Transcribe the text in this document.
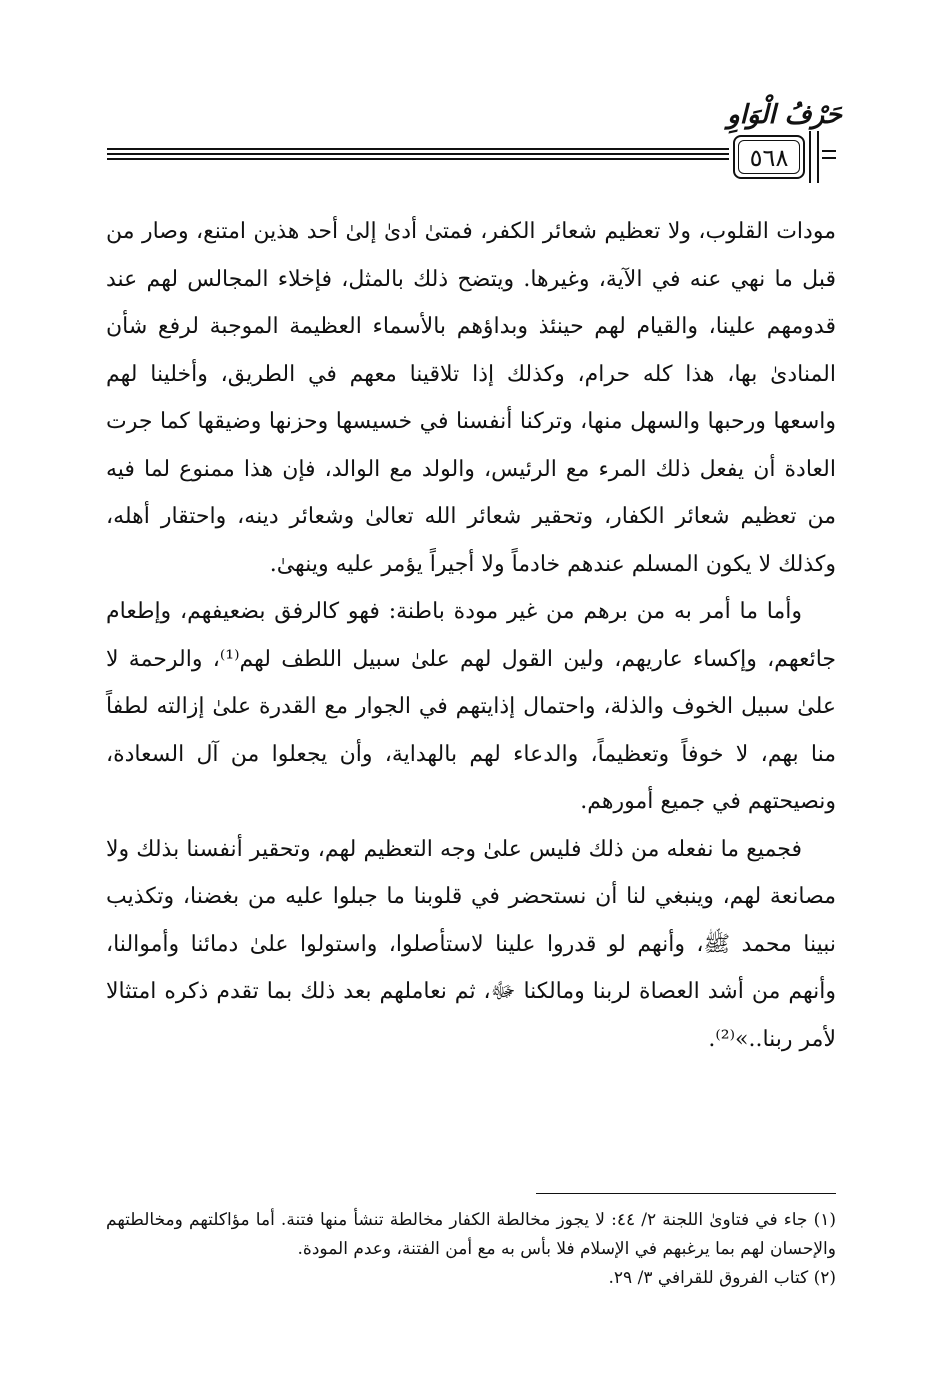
حَرْفُ الْوَاوِ
٥٦٨

مودات القلوب، ولا تعظيم شعائر الكفر، فمتىٰ أدىٰ إلىٰ أحد هذين امتنع، وصار من قبل ما نهي عنه في الآية، وغيرها. ويتضح ذلك بالمثل، فإخلاء المجالس لهم عند قدومهم علينا، والقيام لهم حينئذ وبداؤهم بالأسماء العظيمة الموجبة لرفع شأن المنادىٰ بها، هذا كله حرام، وكذلك إذا تلاقينا معهم في الطريق، وأخلينا لهم واسعها ورحبها والسهل منها، وتركنا أنفسنا في خسيسها وحزنها وضيقها كما جرت العادة أن يفعل ذلك المرء مع الرئيس، والولد مع الوالد، فإن هذا ممنوع لما فيه من تعظيم شعائر الكفار، وتحقير شعائر الله تعالىٰ وشعائر دينه، واحتقار أهله، وكذلك لا يكون المسلم عندهم خادماً ولا أجيراً يؤمر عليه وينهىٰ.

وأما ما أمر به من برهم من غير مودة باطنة: فهو كالرفق بضعيفهم، وإطعام جائعهم، وإكساء عاريهم، ولين القول لهم علىٰ سبيل اللطف لهم⁽¹⁾، والرحمة لا علىٰ سبيل الخوف والذلة، واحتمال إذايتهم في الجوار مع القدرة علىٰ إزالته لطفاً منا بهم، لا خوفاً وتعظيماً، والدعاء لهم بالهداية، وأن يجعلوا من آل السعادة، ونصيحتهم في جميع أمورهم.

فجميع ما نفعله من ذلك فليس علىٰ وجه التعظيم لهم، وتحقير أنفسنا بذلك ولا مصانعة لهم، وينبغي لنا أن نستحضر في قلوبنا ما جبلوا عليه من بغضنا، وتكذيب نبينا محمد ﷺ، وأنهم لو قدروا علينا لاستأصلوا، واستولوا علىٰ دمائنا وأموالنا، وأنهم من أشد العصاة لربنا ومالكنا ﷻ، ثم نعاملهم بعد ذلك بما تقدم ذكره امتثالا لأمر ربنا..»⁽²⁾.

(١) جاء في فتاوىٰ اللجنة ٢/ ٤٤: لا يجوز مخالطة الكفار مخالطة تنشأ منها فتنة. أما مؤاكلتهم ومخالطتهم والإحسان لهم بما يرغبهم في الإسلام فلا بأس به مع أمن الفتنة، وعدم المودة.

(٢) كتاب الفروق للقرافي ٣/ ٢٩.
